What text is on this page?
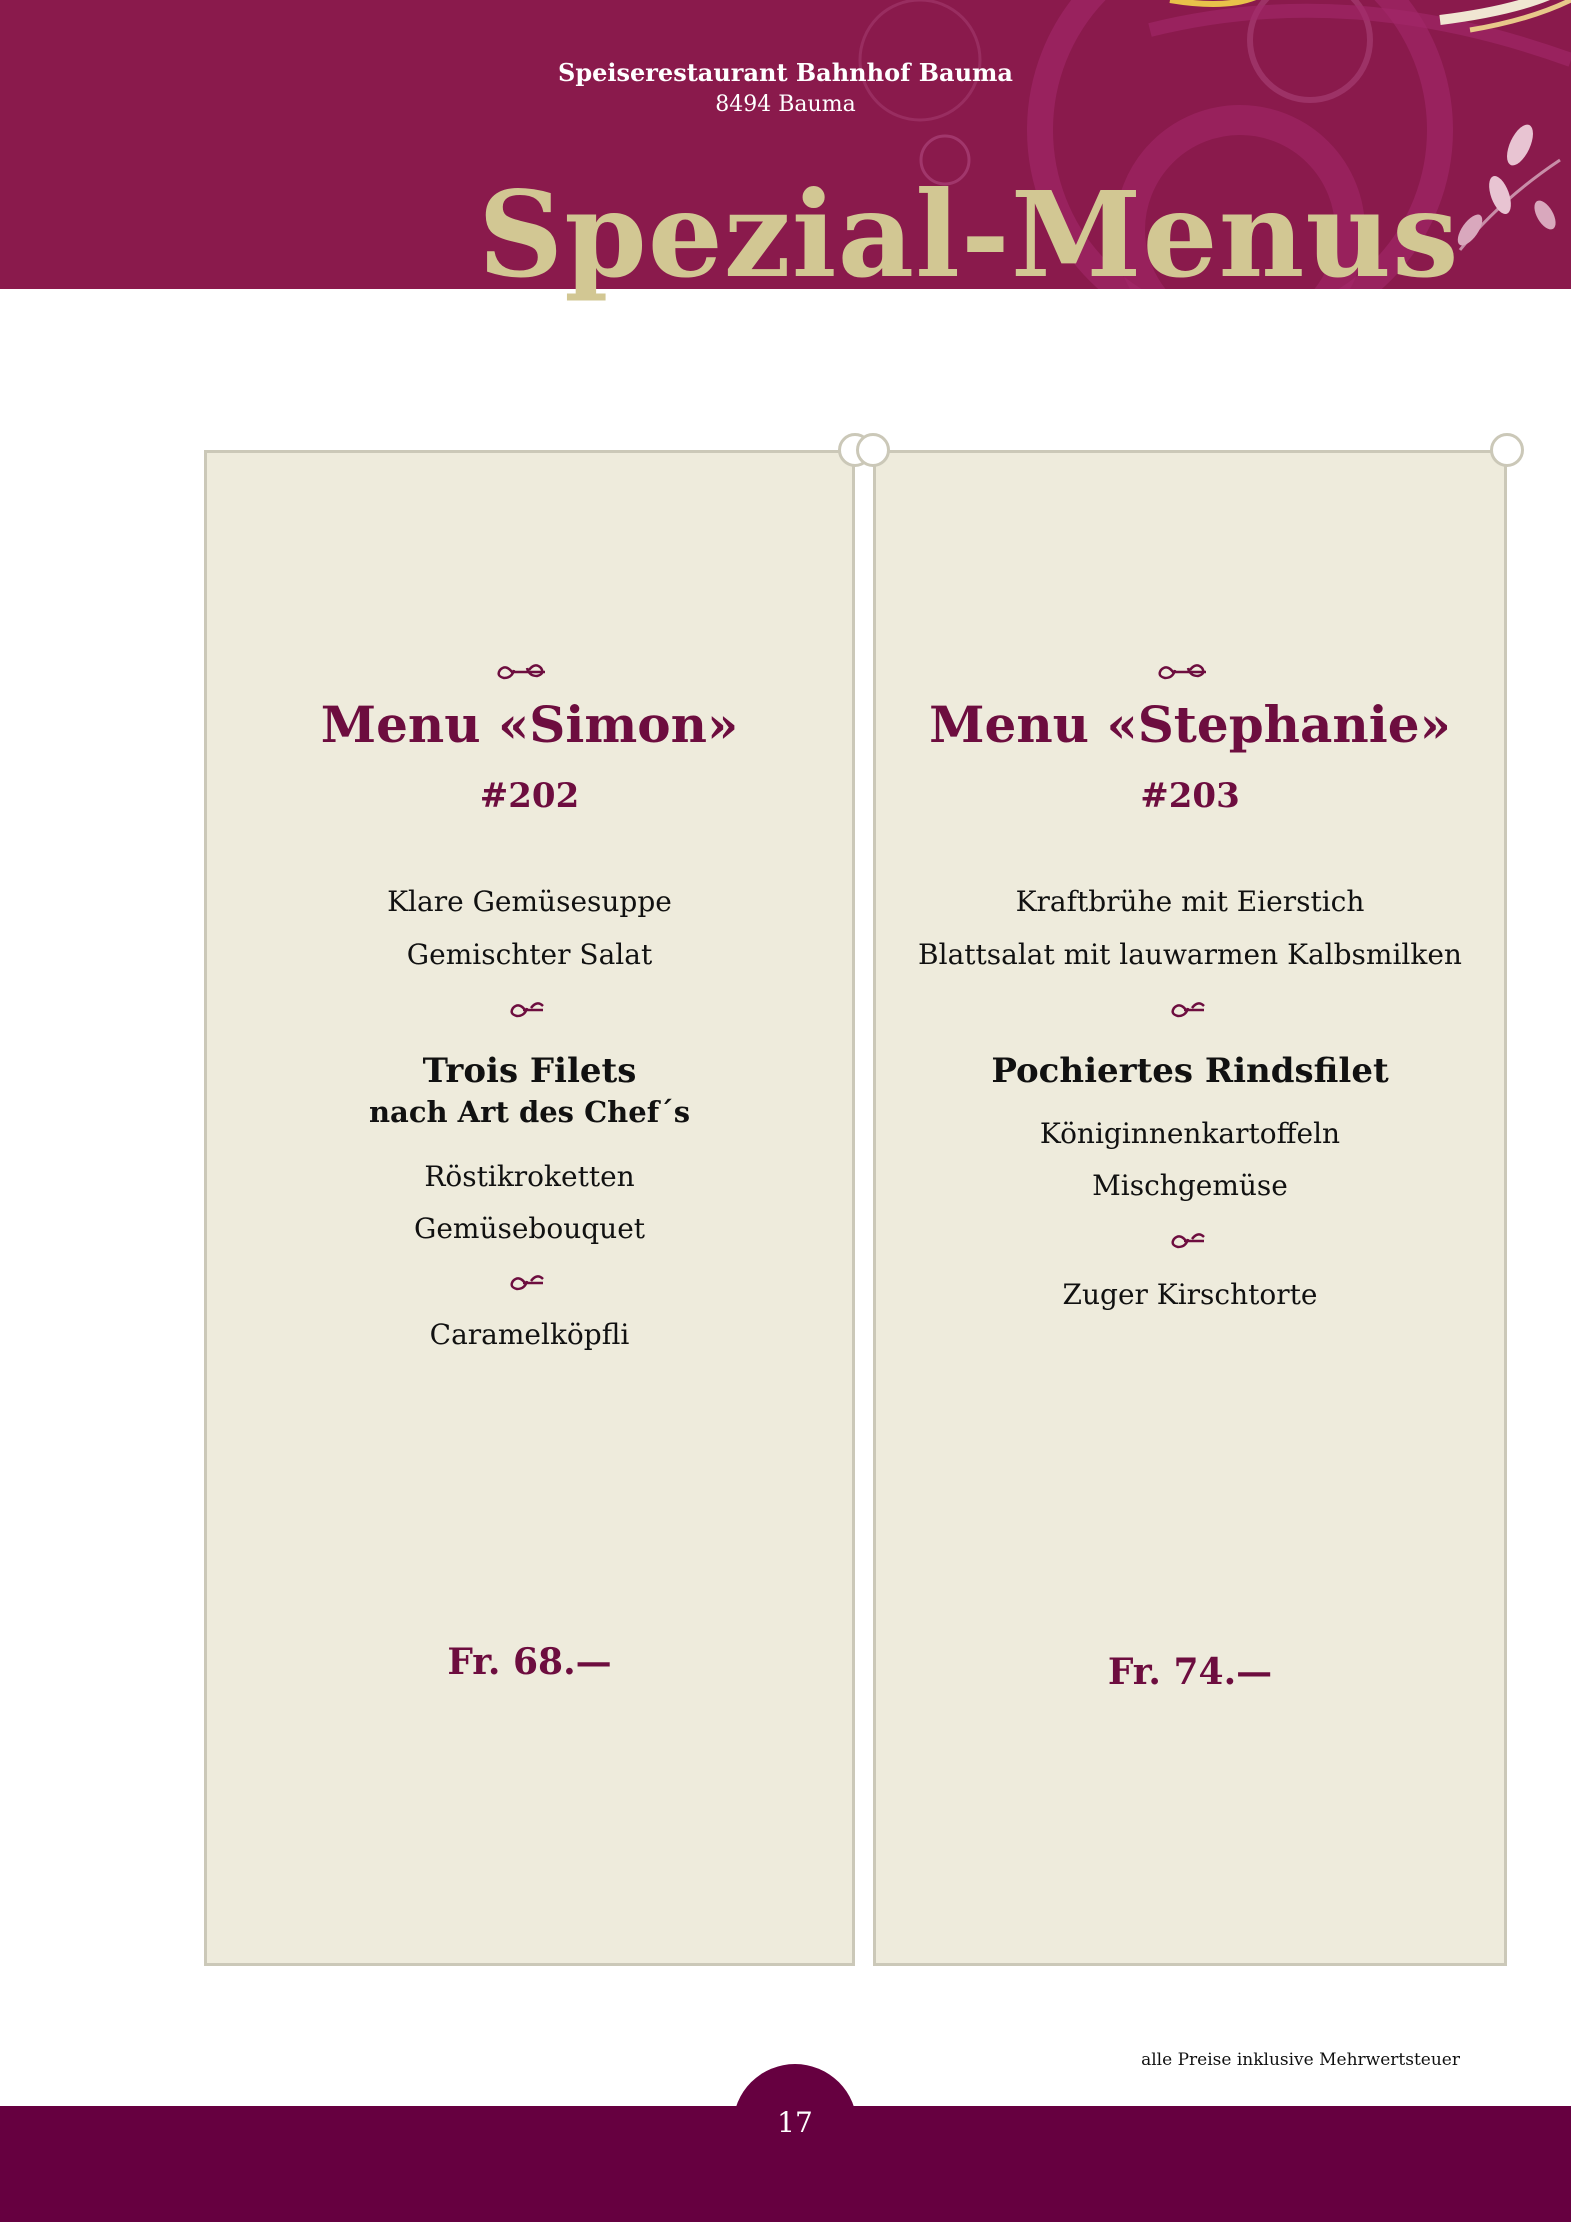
Speiserestaurant Bahnhof Bauma
8494 Bauma
Spezial-Menus
Menu «Simon»
#202
Klare Gemüsesuppe
Gemischter Salat
Trois Filets
nach Art des Chef´s
Röstikroketten
Gemüsebouquet
Caramelköpfli
Fr. 68.—
Menu «Stephanie»
#203
Kraftbrühe mit Eierstich
Blattsalat mit lauwarmen Kalbsmilken
Pochiertes Rindsfilet
Königinnenkartoffeln
Mischgemüse
Zuger Kirschtorte
Fr. 74.—
alle Preise inklusive Mehrwertsteuer
17
